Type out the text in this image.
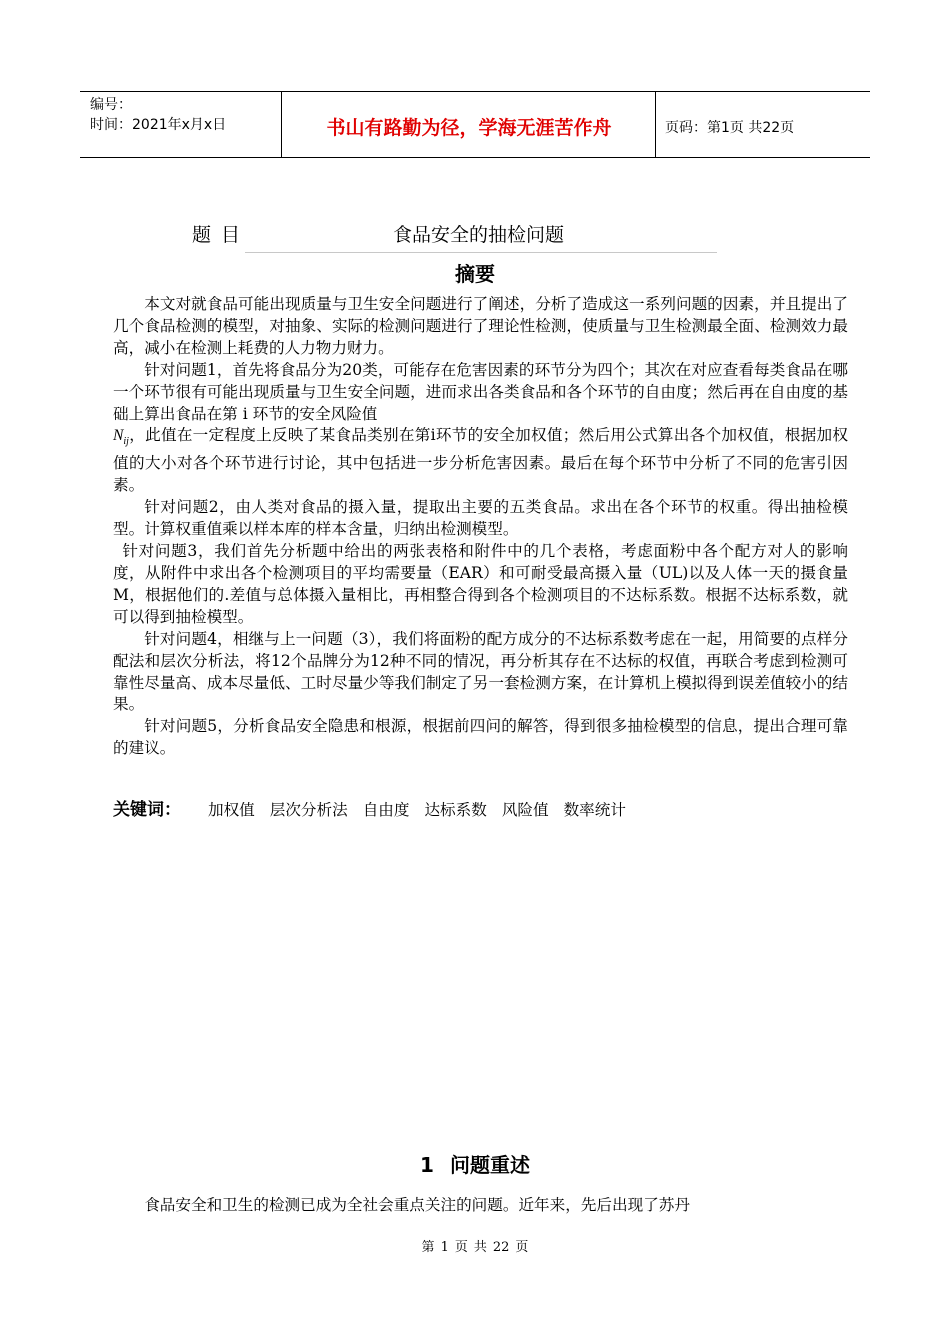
编号：
时间：2021年x月x日	书山有路勤为径，学海无涯苦作舟	页码：第1页 共22页
题目	食品安全的抽检问题
摘要

本文对就食品可能出现质量与卫生安全问题进行了阐述，分析了造成这一系列问题的因素，并且提出了几个食品检测的模型，对抽象、实际的检测问题进行了理论性检测，使质量与卫生检测最全面、检测效力最高，减小在检测上耗费的人力物力财力。

针对问题1，首先将食品分为20类，可能存在危害因素的环节分为四个；其次在对应查看每类食品在哪一个环节很有可能出现质量与卫生安全问题，进而求出各类食品和各个环节的自由度；然后再在自由度的基础上算出食品在第 i 环节的安全风险值
$N_{ij}$，此值在一定程度上反映了某食品类别在第i环节的安全加权值；然后用公式算出各个加权值，根据加权值的大小对各个环节进行讨论，其中包括进一步分析危害因素。最后在每个环节中分析了不同的危害引因素。

针对问题2，由人类对食品的摄入量，提取出主要的五类食品。求出在各个环节的权重。得出抽检模型。计算权重值乘以样本库的样本含量，归纳出检测模型。

针对问题3，我们首先分析题中给出的两张表格和附件中的几个表格，考虑面粉中各个配方对人的影响度，从附件中求出各个检测项目的平均需要量（EAR）和可耐受最高摄入量（UL)以及人体一天的摄食量M，根据他们的.差值与总体摄入量相比，再相整合得到各个检测项目的不达标系数。根据不达标系数，就可以得到抽检模型。

针对问题4，相继与上一问题（3），我们将面粉的配方成分的不达标系数考虑在一起，用简要的点样分配法和层次分析法，将12个品牌分为12种不同的情况，再分析其存在不达标的权值，再联合考虑到检测可靠性尽量高、成本尽量低、工时尽量少等我们制定了另一套检测方案，在计算机上模拟得到误差值较小的结果。

针对问题5，分析食品安全隐患和根源，根据前四问的解答，得到很多抽检模型的信息，提出合理可靠的建议。

关键词： 加权值 层次分析法 自由度 达标系数 风险值 数率统计
1 问题重述
食品安全和卫生的检测已成为全社会重点关注的问题。近年来，先后出现了苏丹
第 1 页 共 22 页
